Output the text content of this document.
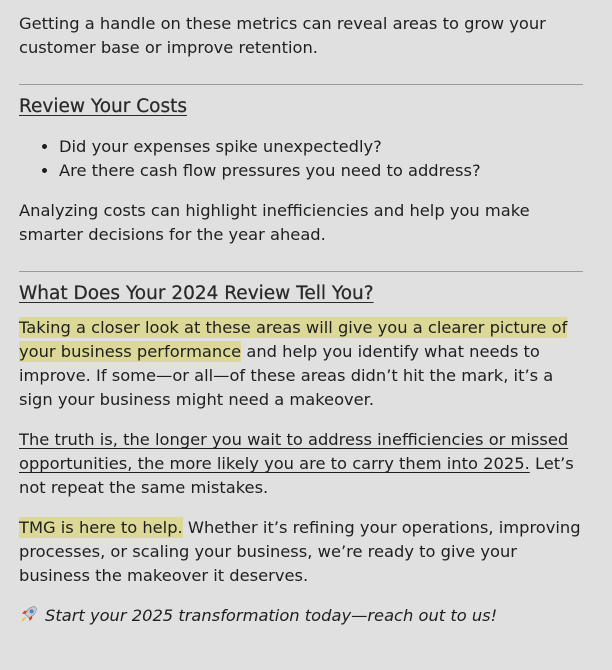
Getting a handle on these metrics can reveal areas to grow your customer base or improve retention.

Review Your Costs
• Did your expenses spike unexpectedly?
• Are there cash flow pressures you need to address?

Analyzing costs can highlight inefficiencies and help you make smarter decisions for the year ahead.

What Does Your 2024 Review Tell You?

Taking a closer look at these areas will give you a clearer picture of your business performance and help you identify what needs to improve. If some—or all—of these areas didn’t hit the mark, it’s a sign your business might need a makeover.

The truth is, the longer you wait to address inefficiencies or missed opportunities, the more likely you are to carry them into 2025. Let’s not repeat the same mistakes.

TMG is here to help. Whether it’s refining your operations, improving processes, or scaling your business, we’re ready to give your business the makeover it deserves.

Start your 2025 transformation today—reach out to us!
